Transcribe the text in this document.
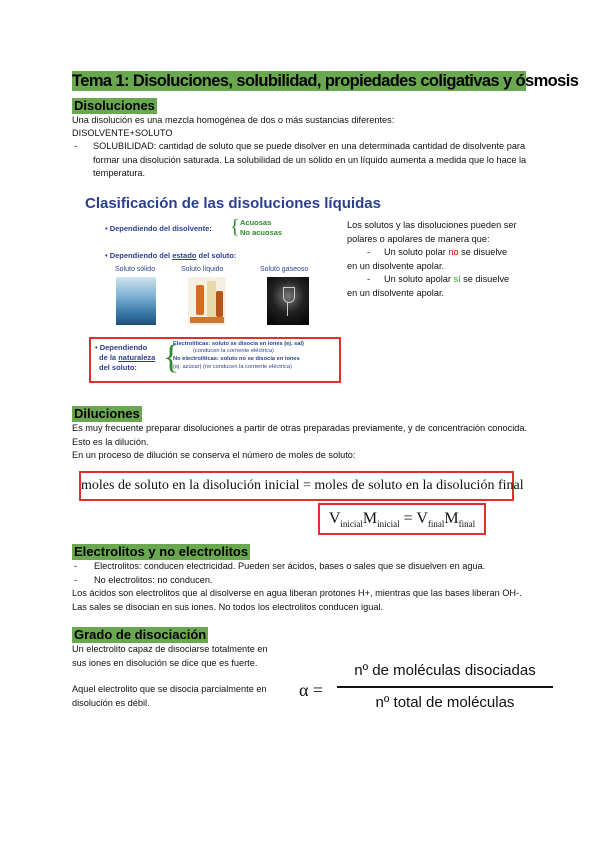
Tema 1: Disoluciones, solubilidad, propiedades coligativas y ósmosis
Disoluciones
Una disolución es una mezcla homogénea de dos o más sustancias diferentes:
DISOLVENTE+SOLUTO
- SOLUBILIDAD: cantidad de soluto que se puede disolver en una determinada cantidad de disolvente para formar una disolución saturada. La solubilidad de un sólido en un líquido aumenta a medida que lo hace la temperatura.
Clasificación de las disoluciones líquidas
• Dependiendo del disolvente: { Acuosas
No acuosas
• Dependiendo del estado del soluto:
Soluto sólido	Soluto líquido	Soluto gaseoso
• Dependiendo
de la naturaleza
del soluto: {
Electrolíticas: soluto se disocia en iones (ej. sal)
(conducen la corriente eléctrica)
No electrolíticas: soluto no se disocia en iones
(ej. azúcar) (no conducen la corriente eléctrica)
Los solutos y las disoluciones pueden ser polares o apolares de manera que:
- Un soluto polar no se disuelve
en un disolvente apolar.
- Un soluto apolar sí se disuelve
en un disolvente apolar.
Diluciones
Es muy frecuente preparar disoluciones a partir de otras preparadas previamente, y de concentración conocida. Esto es la dilución.
En un proceso de dilución se conserva el número de moles de soluto:
moles de soluto en la disolución inicial = moles de soluto en la disolución final
$V_{inicial}M_{inicial} = V_{final}M_{final}$
Electrolitos y no electrolitos
- Electrolitos: conducen electricidad. Pueden ser ácidos, bases o sales que se disuelven en agua.
- No electrolitos: no conducen.
Los ácidos son electrolitos que al disolverse en agua liberan protones H+, mientras que las bases liberan OH-. Las sales se disocian en sus iones. No todos los electrolitos conducen igual.
Grado de disociación
Un electrolito capaz de disociarse totalmente en sus iones en disolución se dice que es fuerte.
Aquel electrolito que se disocia parcialmente en disolución es débil.
α =
nº de moléculas disociadas
nº total de moléculas
